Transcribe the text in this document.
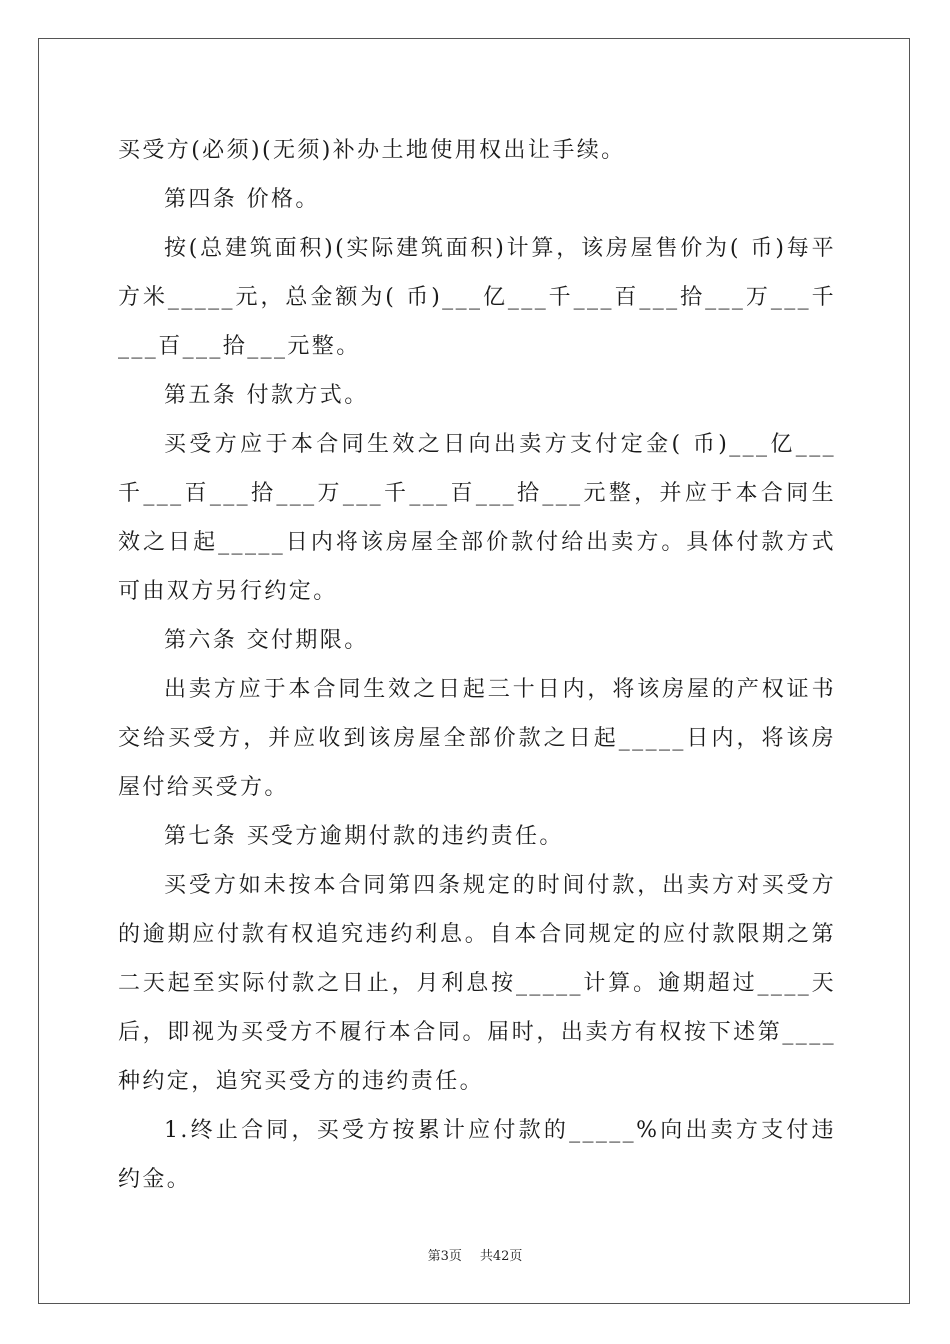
买受方(必须)(无须)补办土地使用权出让手续。

第四条 价格。

按(总建筑面积)(实际建筑面积)计算，该房屋售价为( 币)每平方米_____元，总金额为( 币)___亿___千___百___拾___万___千___百___拾___元整。

第五条 付款方式。

买受方应于本合同生效之日向出卖方支付定金( 币)___亿___千___百___拾___万___千___百___拾___元整，并应于本合同生效之日起_____日内将该房屋全部价款付给出卖方。具体付款方式可由双方另行约定。

第六条 交付期限。

出卖方应于本合同生效之日起三十日内，将该房屋的产权证书交给买受方，并应收到该房屋全部价款之日起_____日内，将该房屋付给买受方。

第七条 买受方逾期付款的违约责任。

买受方如未按本合同第四条规定的时间付款，出卖方对买受方的逾期应付款有权追究违约利息。自本合同规定的应付款限期之第二天起至实际付款之日止，月利息按_____计算。逾期超过____天后，即视为买受方不履行本合同。届时，出卖方有权按下述第____种约定，追究买受方的违约责任。

1.终止合同，买受方按累计应付款的_____%向出卖方支付违约金。

第3页 共42页
